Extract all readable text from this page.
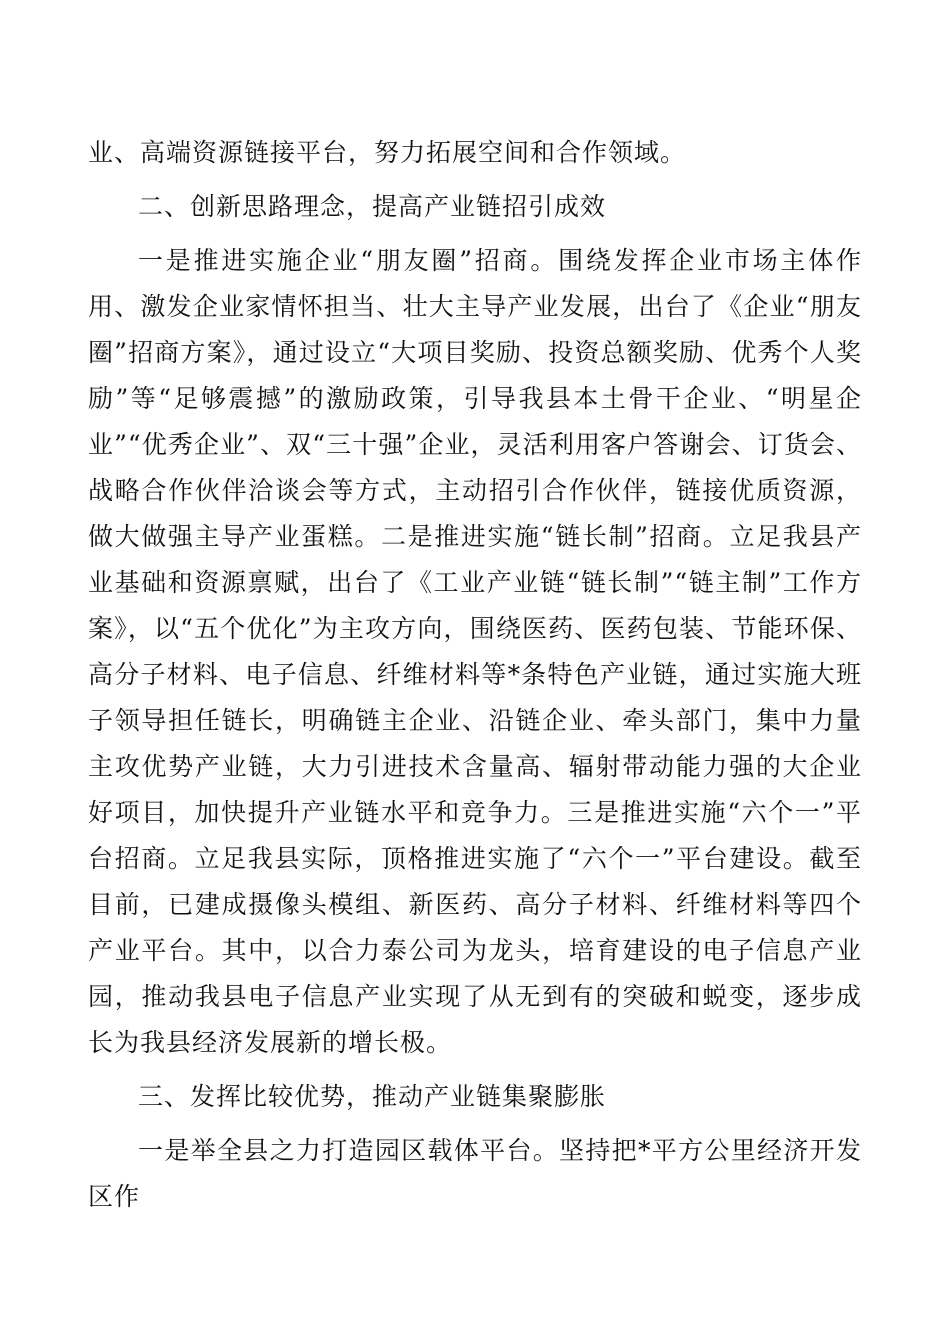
业、高端资源链接平台，努力拓展空间和合作领域。

二、创新思路理念，提高产业链招引成效

一是推进实施企业“朋友圈”招商。围绕发挥企业市场主体作用、激发企业家情怀担当、壮大主导产业发展，出台了《企业“朋友圈”招商方案》，通过设立“大项目奖励、投资总额奖励、优秀个人奖励”等“足够震撼”的激励政策，引导我县本土骨干企业、“明星企业”“优秀企业”、双“三十强”企业，灵活利用客户答谢会、订货会、战略合作伙伴洽谈会等方式，主动招引合作伙伴，链接优质资源，做大做强主导产业蛋糕。二是推进实施“链长制”招商。立足我县产业基础和资源禀赋，出台了《工业产业链“链长制”“链主制”工作方案》，以“五个优化”为主攻方向，围绕医药、医药包装、节能环保、高分子材料、电子信息、纤维材料等*条特色产业链，通过实施大班子领导担任链长，明确链主企业、沿链企业、牵头部门，集中力量主攻优势产业链，大力引进技术含量高、辐射带动能力强的大企业好项目，加快提升产业链水平和竞争力。三是推进实施“六个一”平台招商。立足我县实际，顶格推进实施了“六个一”平台建设。截至目前，已建成摄像头模组、新医药、高分子材料、纤维材料等四个产业平台。其中，以合力泰公司为龙头，培育建设的电子信息产业园，推动我县电子信息产业实现了从无到有的突破和蜕变，逐步成长为我县经济发展新的增长极。

三、发挥比较优势，推动产业链集聚膨胀

一是举全县之力打造园区载体平台。坚持把*平方公里经济开发区作
